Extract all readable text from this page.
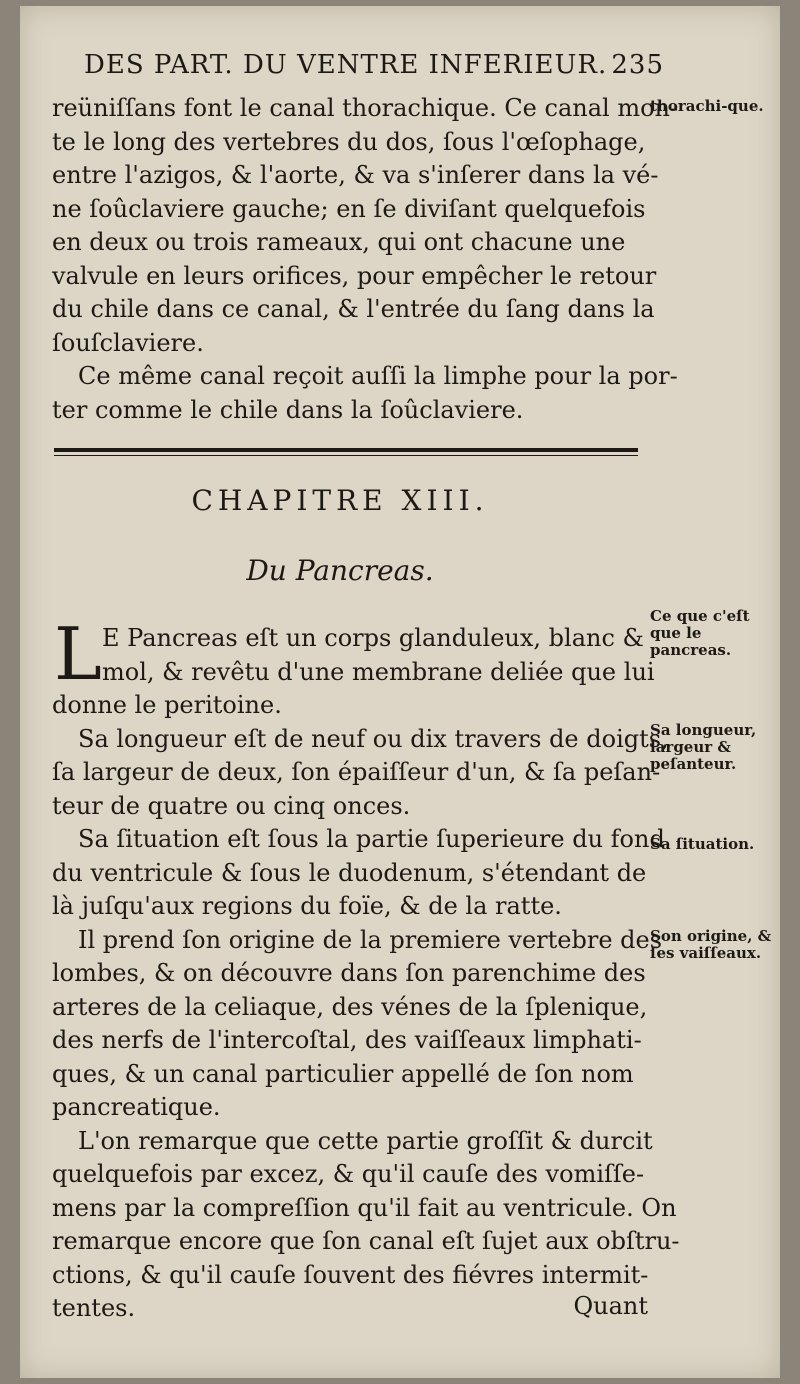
DES PART. DU VENTRE INFERIEUR. 235
reüniſſans font le canal thorachique. Ce canal mon-
te le long des vertebres du dos, ſous l'œſophage,
entre l'azigos, & l'aorte, & va s'inſerer dans la vé-
ne ſoûclaviere gauche; en ſe diviſant quelquefois
en deux ou trois rameaux, qui ont chacune une
valvule en leurs orifices, pour empêcher le retour
du chile dans ce canal, & l'entrée du ſang dans la
ſouſclaviere.
Ce même canal reçoit auſſi la limphe pour la por-
ter comme le chile dans la ſoûclaviere.
thorachi-que.
CHAPITRE XIII.
Du Pancreas.
L E Pancreas eſt un corps glanduleux, blanc &
mol, & revêtu d'une membrane deliée que lui
donne le peritoine.
Sa longueur eſt de neuf ou dix travers de doigts,
ſa largeur de deux, ſon épaiſſeur d'un, & ſa peſan-
teur de quatre ou cinq onces.
Sa ſituation eſt ſous la partie ſuperieure du fond
du ventricule & ſous le duodenum, s'étendant de
là juſqu'aux regions du foïe, & de la ratte.
Il prend ſon origine de la premiere vertebre des
lombes, & on découvre dans ſon parenchime des
arteres de la celiaque, des vénes de la ſplenique,
des nerfs de l'intercoſtal, des vaiſſeaux limphati-
ques, & un canal particulier appellé de ſon nom
pancreatique.
L'on remarque que cette partie groſſit & durcit
quelquefois par excez, & qu'il cauſe des vomiſſe-
mens par la compreſſion qu'il fait au ventricule. On
remarque encore que ſon canal eſt ſujet aux obſtru-
ctions, & qu'il cauſe ſouvent des fiévres intermit-
tentes.
Ce que c'eſt que le pancreas.
Sa longueur, largeur & peſanteur.
Sa ſituation.
Son origine, & ſes vaiſſeaux.
Quant
